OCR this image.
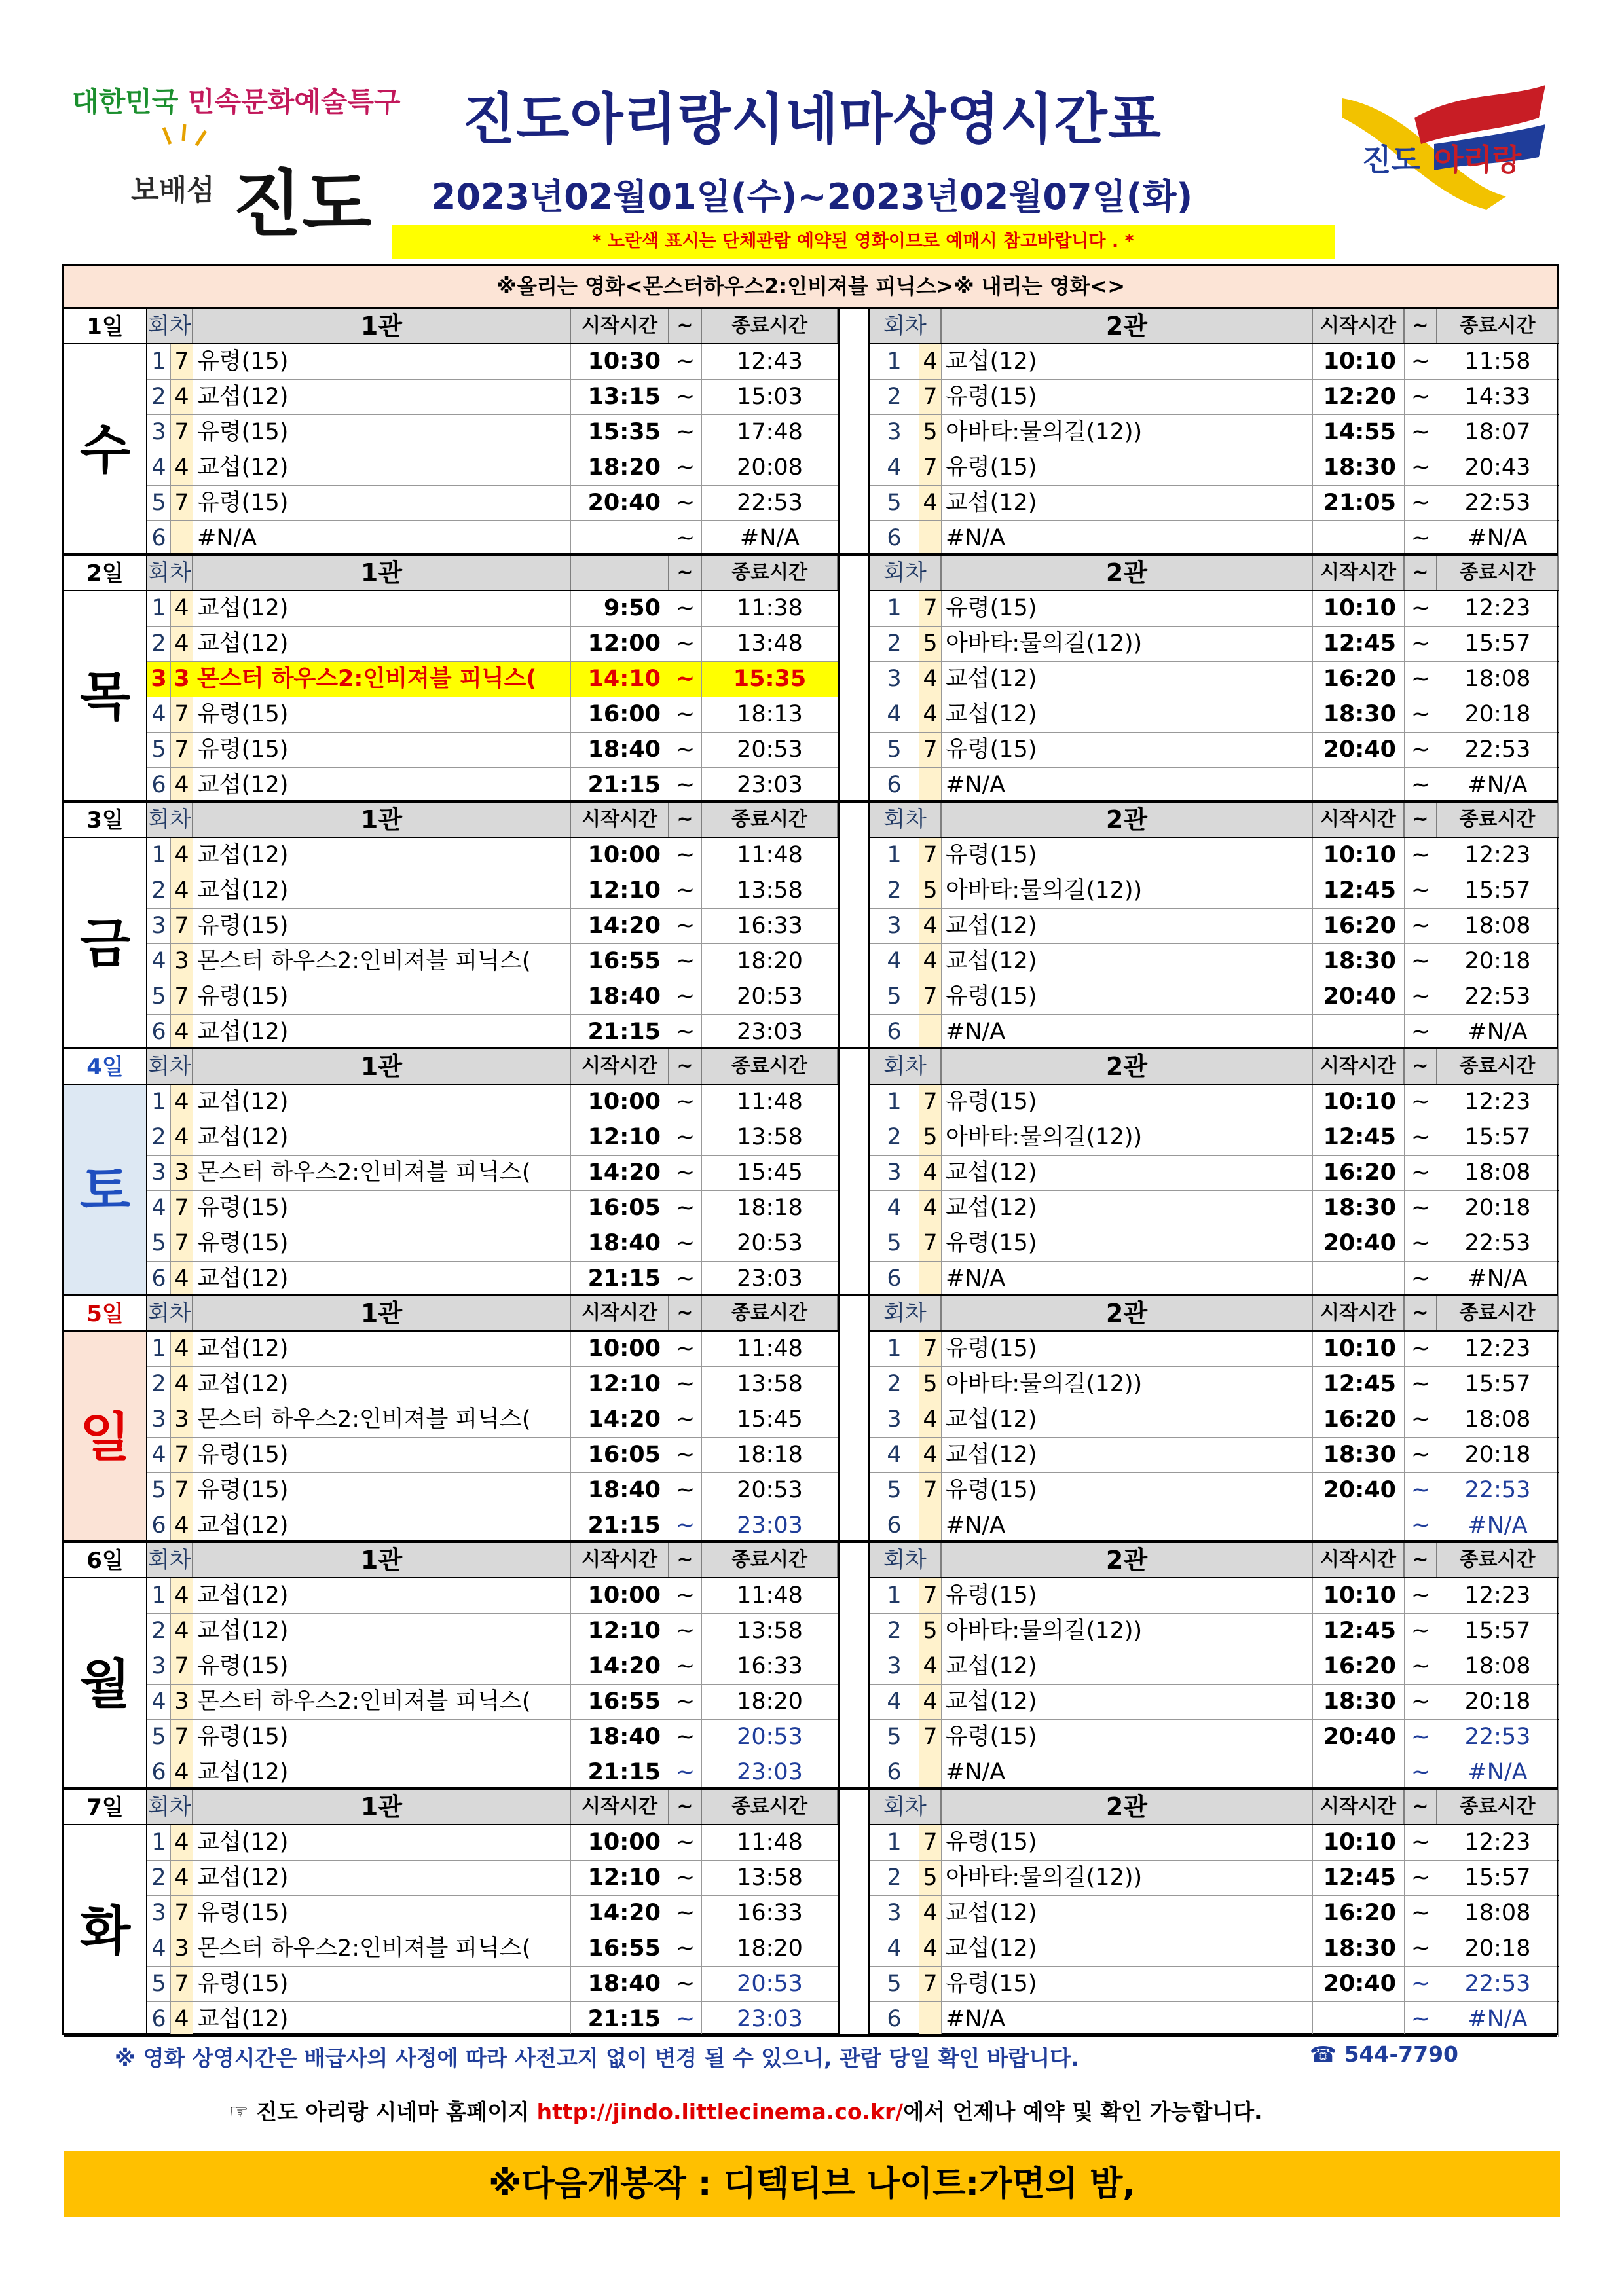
대한민국 민속문화예술특구
보배섬 진도
진도 아리랑
진도아리랑시네마상영시간표
2023년02월01일(수)~2023년02월07일(화)
* 노란색 표시는 단체관람 예약된 영화이므로 예매시 참고바랍니다 . *
※올리는 영화<몬스터하우스2:인비져블 피닉스>※ 내리는 영화<>
1일
수
회차	1관	시작시간 ~	종료시간
1 7 유령(15)	10:30 ~	12:43
2 4 교섭(12)	13:15 ~	15:03
3 7 유령(15)	15:35 ~	17:48
4 4 교섭(12)	18:20 ~	20:08
5 7 유령(15)	20:40 ~	22:53
6 #N/A	~	#N/A
회차	2관	시작시간 ~	종료시간
1 4 교섭(12)	10:10 ~	11:58
2 7 유령(15)	12:20 ~	14:33
3 5 아바타:물의길(12))	14:55 ~	18:07
4 7 유령(15)	18:30 ~	20:43
5 4 교섭(12)	21:05 ~	22:53
6	#N/A	~	#N/A
2일
목
회차	1관	~	종료시간
1 4 교섭(12)	9:50 ~	11:38
2 4 교섭(12)	12:00 ~	13:48
3 3 몬스터 하우스2:인비져블 피닉스(	14:10 ~	15:35
4 7 유령(15)	16:00 ~	18:13
5 7 유령(15)	18:40 ~	20:53
6 4 교섭(12)	21:15 ~	23:03
회차	2관	시작시간 ~	종료시간
1 7 유령(15)	10:10 ~	12:23
2 5 아바타:물의길(12))	12:45 ~	15:57
3 4 교섭(12)	16:20 ~	18:08
4 4 교섭(12)	18:30 ~	20:18
5 7 유령(15)	20:40 ~	22:53
6	#N/A	~	#N/A
3일
금
회차	1관	시작시간 ~	종료시간
1 4 교섭(12)	10:00 ~	11:48
2 4 교섭(12)	12:10 ~	13:58
3 7 유령(15)	14:20 ~	16:33
4 3 몬스터 하우스2:인비져블 피닉스(	16:55 ~	18:20
5 7 유령(15)	18:40 ~	20:53
6 4 교섭(12)	21:15 ~	23:03
회차	2관	시작시간 ~	종료시간
1 7 유령(15)	10:10 ~	12:23
2 5 아바타:물의길(12))	12:45 ~	15:57
3 4 교섭(12)	16:20 ~	18:08
4 4 교섭(12)	18:30 ~	20:18
5 7 유령(15)	20:40 ~	22:53
6	#N/A	~	#N/A
4일
토
회차	1관	시작시간 ~	종료시간
1 4 교섭(12)	10:00 ~	11:48
2 4 교섭(12)	12:10 ~	13:58
3 3 몬스터 하우스2:인비져블 피닉스(	14:20 ~	15:45
4 7 유령(15)	16:05 ~	18:18
5 7 유령(15)	18:40 ~	20:53
6 4 교섭(12)	21:15 ~	23:03
회차	2관	시작시간 ~	종료시간
1 7 유령(15)	10:10 ~	12:23
2 5 아바타:물의길(12))	12:45 ~	15:57
3 4 교섭(12)	16:20 ~	18:08
4 4 교섭(12)	18:30 ~	20:18
5 7 유령(15)	20:40 ~	22:53
6	#N/A	~	#N/A
5일
일
회차	1관	시작시간 ~	종료시간
1 4 교섭(12)	10:00 ~	11:48
2 4 교섭(12)	12:10 ~	13:58
3 3 몬스터 하우스2:인비져블 피닉스(	14:20 ~	15:45
4 7 유령(15)	16:05 ~	18:18
5 7 유령(15)	18:40 ~	20:53
6 4 교섭(12)	21:15 ~	23:03
회차	2관	시작시간 ~	종료시간
1 7 유령(15)	10:10 ~	12:23
2 5 아바타:물의길(12))	12:45 ~	15:57
3 4 교섭(12)	16:20 ~	18:08
4 4 교섭(12)	18:30 ~	20:18
5 7 유령(15)	20:40 ~	22:53
6	#N/A	~	#N/A
6일
월
회차	1관	시작시간 ~	종료시간
1 4 교섭(12)	10:00 ~	11:48
2 4 교섭(12)	12:10 ~	13:58
3 7 유령(15)	14:20 ~	16:33
4 3 몬스터 하우스2:인비져블 피닉스(	16:55 ~	18:20
5 7 유령(15)	18:40 ~	20:53
6 4 교섭(12)	21:15 ~	23:03
회차	2관	시작시간 ~	종료시간
1 7 유령(15)	10:10 ~	12:23
2 5 아바타:물의길(12))	12:45 ~	15:57
3 4 교섭(12)	16:20 ~	18:08
4 4 교섭(12)	18:30 ~	20:18
5 7 유령(15)	20:40 ~	22:53
6	#N/A	~	#N/A
7일
화
회차	1관	시작시간 ~	종료시간
1 4 교섭(12)	10:00 ~	11:48
2 4 교섭(12)	12:10 ~	13:58
3 7 유령(15)	14:20 ~	16:33
4 3 몬스터 하우스2:인비져블 피닉스(	16:55 ~	18:20
5 7 유령(15)	18:40 ~	20:53
6 4 교섭(12)	21:15 ~	23:03
회차	2관	시작시간 ~	종료시간
1 7 유령(15)	10:10 ~	12:23
2 5 아바타:물의길(12))	12:45 ~	15:57
3 4 교섭(12)	16:20 ~	18:08
4 4 교섭(12)	18:30 ~	20:18
5 7 유령(15)	20:40 ~	22:53
6	#N/A	~	#N/A
※ 영화 상영시간은 배급사의 사정에 따라 사전고지 없이 변경 될 수 있으니, 관람 당일 확인 바랍니다.	☎ 544-7790
☞ 진도 아리랑 시네마 홈페이지 http://jindo.littlecinema.co.kr/에서 언제나 예약 및 확인 가능합니다.
※다음개봉작 : 디텍티브 나이트:가면의 밤,
